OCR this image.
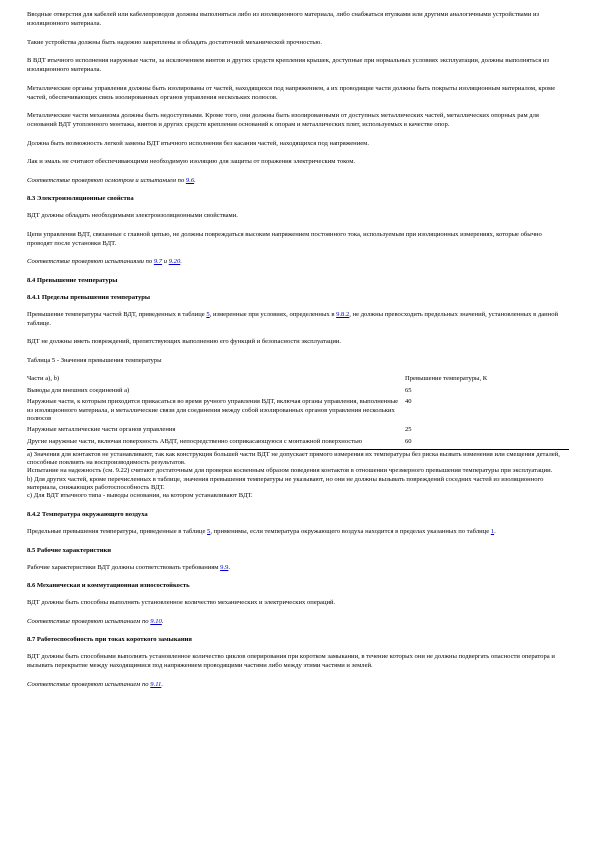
Вводные отверстия для кабелей или кабелепроводов должны выполняться либо из изоляционного материала, либо снабжаться втулками или другими аналогичными устройствами из изоляционного материала.

Такие устройства должны быть надежно закреплены и обладать достаточной механической прочностью.

В ВДТ втычного исполнения наружные части, за исключением винтов и других средств крепления крышек, доступные при нормальных условиях эксплуатации, должны выполняться из изоляционного материала.

Металлические органы управления должны быть изолированы от частей, находящихся под напряжением, а их проводящие части должны быть покрыты изоляционным материалом, кроме частей, обеспечивающих связь изолированных органов управления нескольких полюсов.

Металлические части механизма должны быть недоступными. Кроме того, они должны быть изолированными от доступных металлических частей, металлических опорных рам для оснований ВДТ утопленного монтажа, винтов и других средств крепления оснований к опорам и металлических плит, используемых в качестве опор.

Должна быть возможность легкой замены ВДТ втычного исполнения без касания частей, находящихся под напряжением.

Лак и эмаль не считают обеспечивающими необходимую изоляцию для защиты от поражения электрическим током.

Соответствие проверяют осмотром и испытанием по 9.6.

8.3 Электроизоляционные свойства

ВДТ должны обладать необходимыми электроизоляционными свойствами.

Цепи управления ВДТ, связанные с главной цепью, не должны повреждаться высоким напряжением постоянного тока, используемым при изоляционных измерениях, которые обычно проводят после установки ВДТ.

Соответствие проверяют испытаниями по 9.7 и 9.20.

8.4 Превышение температуры

8.4.1 Пределы превышения температуры

Превышение температуры частей ВДТ, приведенных в таблице 5, измеренные при условиях, определенных в 9.8.2, не должны превосходить предельных значений, установленных в данной таблице.

ВДТ не должны иметь повреждений, препятствующих выполнению его функций и безопасности эксплуатации.

Таблица 5 - Значения превышения температуры

Части а), b)	Превышение температуры, К
Выводы для внешних соединений а)	65
Наружные части, к которым приходится прикасаться во время ручного управления ВДТ, включая органы управления, выполненные из изоляционного материала, и металлические связи для соединения между собой изолированных органов управления нескольких полюсов	40
Наружные металлические части органов управления	25
Другие наружные части, включая поверхность АВДТ, непосредственно соприкасающуюся с монтажной поверхностью	60

а) Значения для контактов не устанавливают, так как конструкция большей части ВДТ не допускает прямого измерения их температуры без риска вызвать изменения или смещения деталей, способные повлиять на воспроизводимость результатов.
Испытание на надежность (см. 9.22) считают достаточным для проверки косвенным образом поведения контактов в отношении чрезмерного превышения температуры при эксплуатации.
b) Для других частей, кроме перечисленных в таблице, значения превышения температуры не указывают, но они не должны вызывать повреждений соседних частей из изоляционного материала, снижающих работоспособность ВДТ.
с) Для ВДТ втычного типа - выводы основания, на котором устанавливают ВДТ.	

8.4.2 Температура окружающего воздуха

Предельные превышения температуры, приведенные в таблице 5, применимы, если температура окружающего воздуха находится в пределах указанных по таблице 1.

8.5 Рабочие характеристики

Рабочие характеристики ВДТ должны соответствовать требованиям 9.9.

8.6 Механическая и коммутационная износостойкость

ВДТ должны быть способны выполнять установленное количество механических и электрических операций.

Соответствие проверяют испытанием по 9.10.

8.7 Работоспособность при токах короткого замыкания

ВДТ должны быть способными выполнять установленное количество циклов оперирования при коротком замыкании, в течение которых они не должны подвергать опасности оператора и вызывать перекрытие между находящимися под напряжением проводящими частями либо между этими частями и землей.

Соответствие проверяют испытанием по 9.11.
